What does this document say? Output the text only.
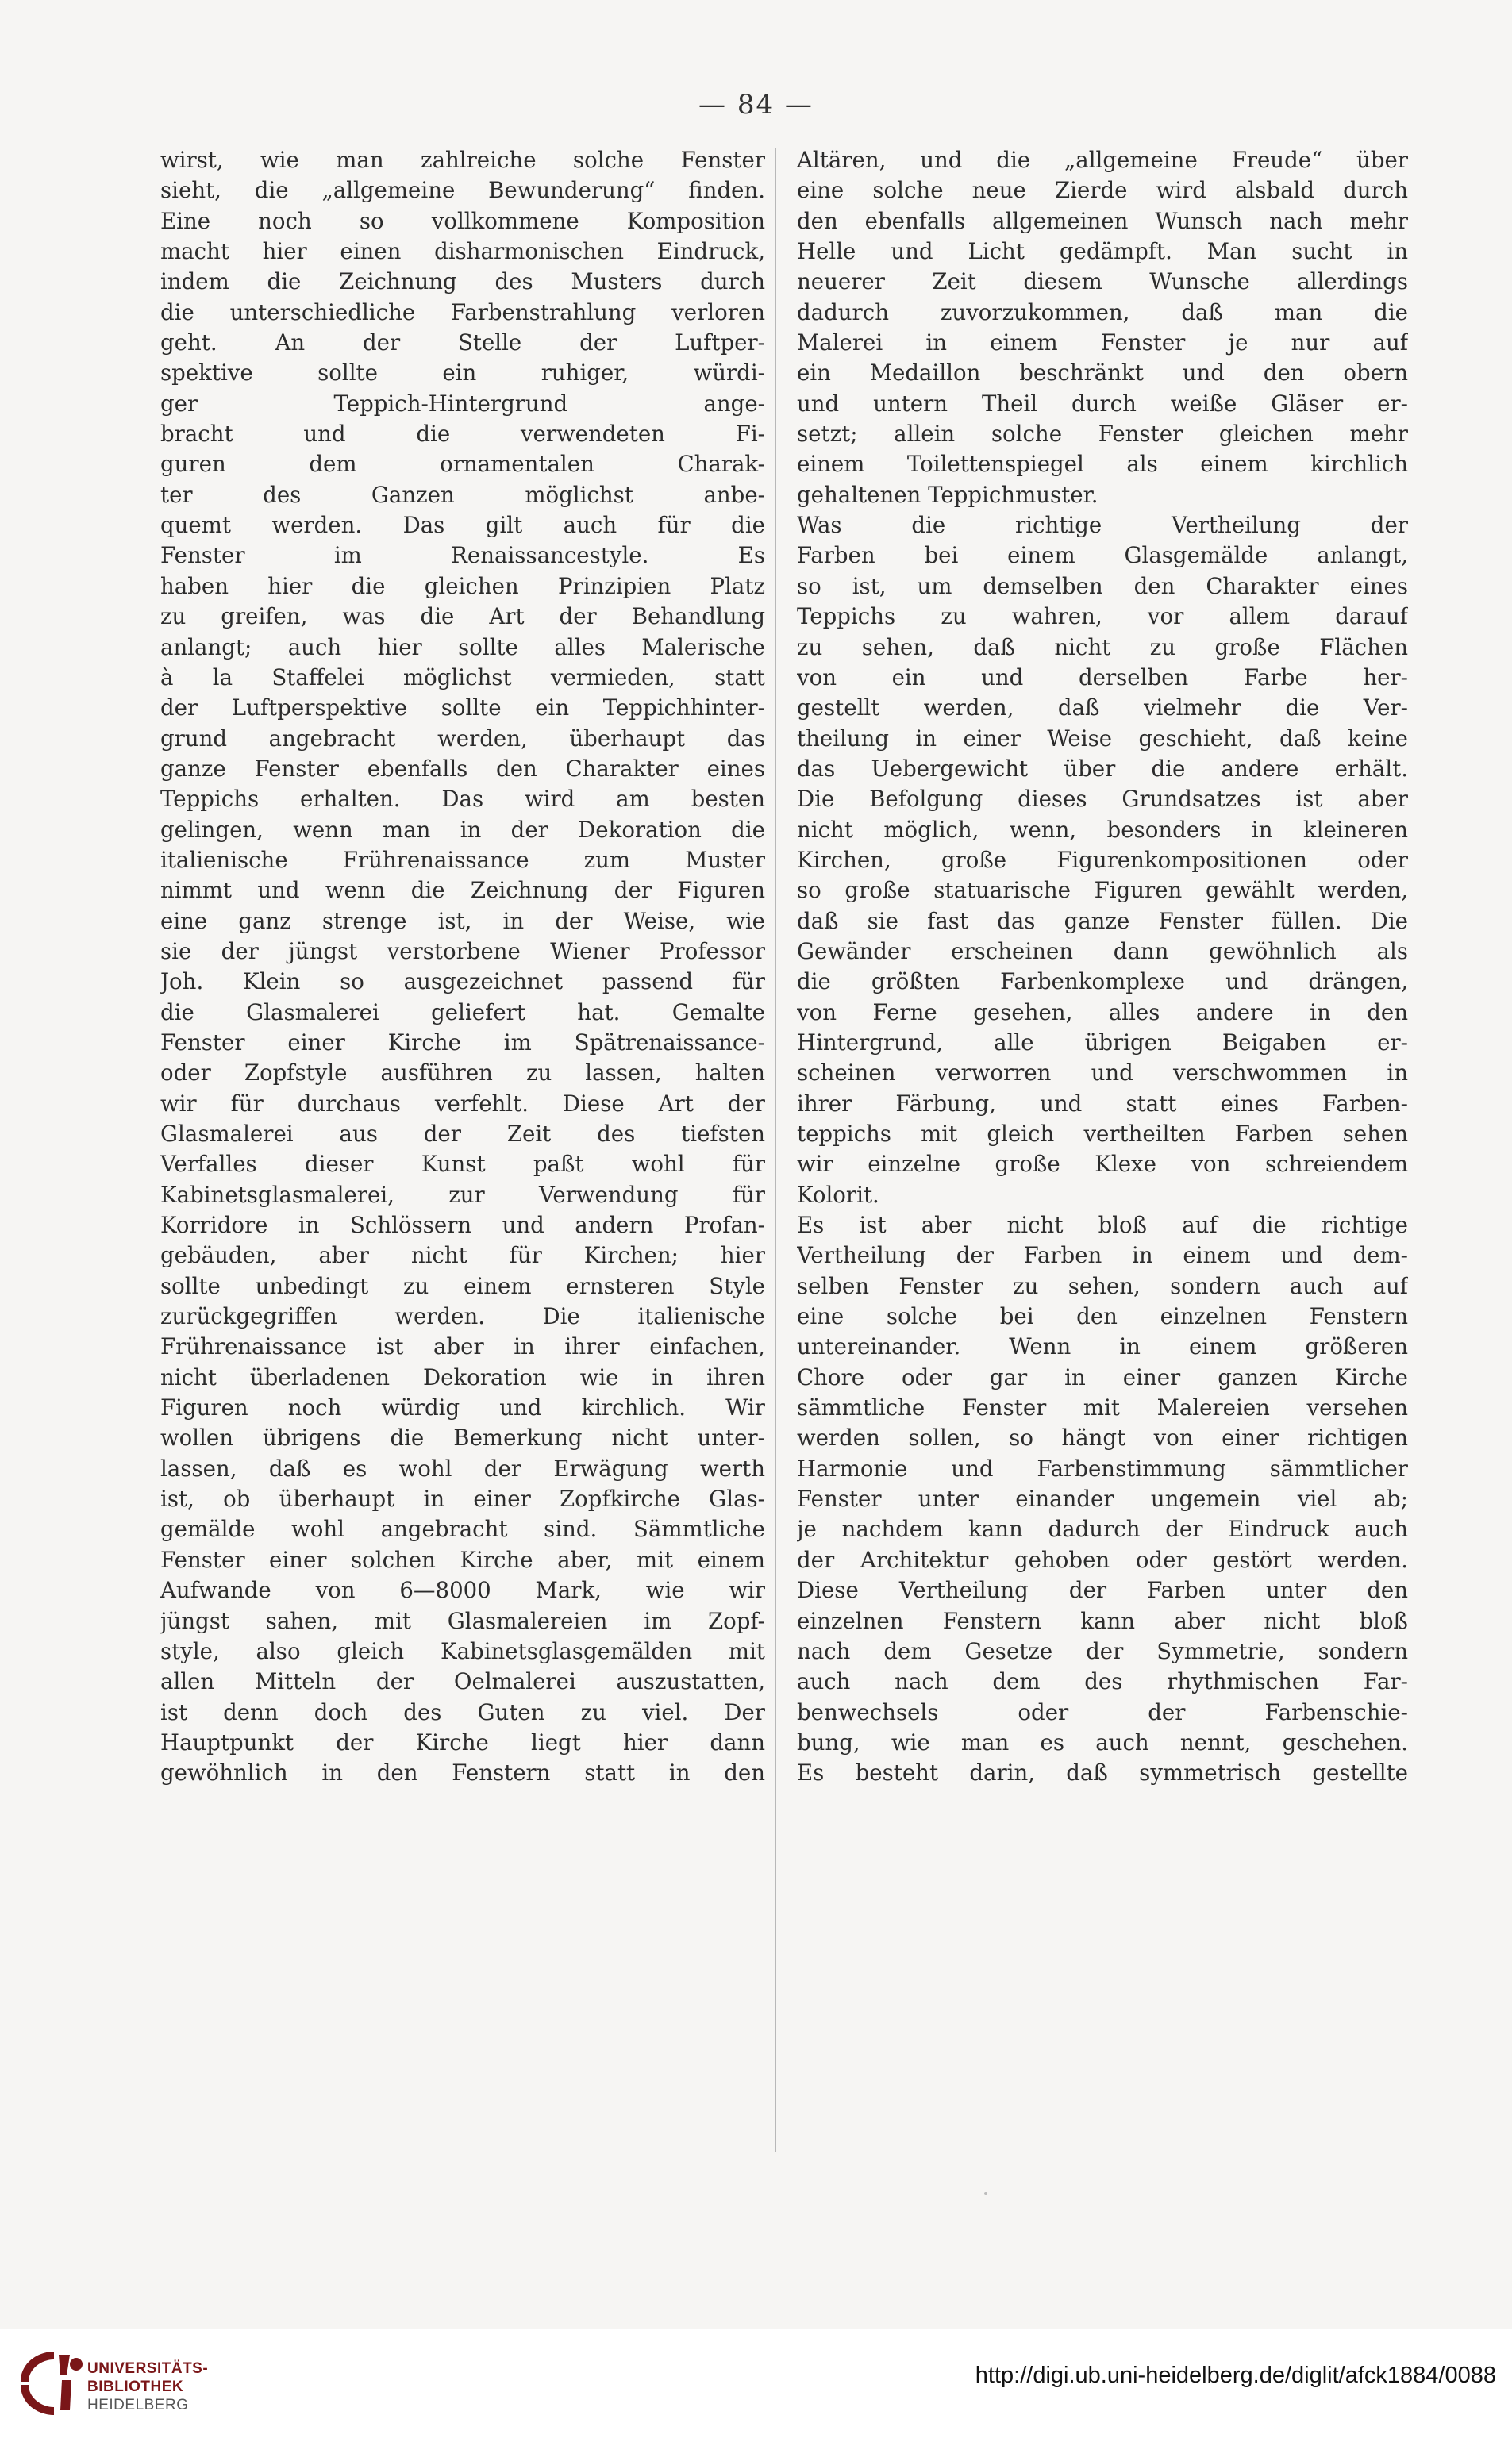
— 84 —
wirst, wie man zahlreiche solche Fenster
sieht, die „allgemeine Bewunderung“ finden.
Eine noch so vollkommene Komposition
macht hier einen disharmonischen Eindruck,
indem die Zeichnung des Musters durch
die unterschiedliche Farbenstrahlung verloren
geht. An der Stelle der Luftper-
spektive sollte ein ruhiger, würdi-
ger Teppich-Hintergrund ange-
bracht und die verwendeten Fi-
guren dem ornamentalen Charak-
ter des Ganzen möglichst anbe-
quemt werden. Das gilt auch für die
Fenster im Renaissancestyle. Es
haben hier die gleichen Prinzipien Platz
zu greifen, was die Art der Behandlung
anlangt; auch hier sollte alles Malerische
à la Staffelei möglichst vermieden, statt
der Luftperspektive sollte ein Teppichhinter-
grund angebracht werden, überhaupt das
ganze Fenster ebenfalls den Charakter eines
Teppichs erhalten. Das wird am besten
gelingen, wenn man in der Dekoration die
italienische Frührenaissance zum Muster
nimmt und wenn die Zeichnung der Figuren
eine ganz strenge ist, in der Weise, wie
sie der jüngst verstorbene Wiener Professor
Joh. Klein so ausgezeichnet passend für
die Glasmalerei geliefert hat. Gemalte
Fenster einer Kirche im Spätrenaissance-
oder Zopfstyle ausführen zu lassen, halten
wir für durchaus verfehlt. Diese Art der
Glasmalerei aus der Zeit des tiefsten
Verfalles dieser Kunst paßt wohl für
Kabinetsglasmalerei, zur Verwendung für
Korridore in Schlössern und andern Profan-
gebäuden, aber nicht für Kirchen; hier
sollte unbedingt zu einem ernsteren Style
zurückgegriffen werden. Die italienische
Frührenaissance ist aber in ihrer einfachen,
nicht überladenen Dekoration wie in ihren
Figuren noch würdig und kirchlich. Wir
wollen übrigens die Bemerkung nicht unter-
lassen, daß es wohl der Erwägung werth
ist, ob überhaupt in einer Zopfkirche Glas-
gemälde wohl angebracht sind. Sämmtliche
Fenster einer solchen Kirche aber, mit einem
Aufwande von 6—8000 Mark, wie wir
jüngst sahen, mit Glasmalereien im Zopf-
style, also gleich Kabinetsglasgemälden mit
allen Mitteln der Oelmalerei auszustatten,
ist denn doch des Guten zu viel. Der
Hauptpunkt der Kirche liegt hier dann
gewöhnlich in den Fenstern statt in den
Altären, und die „allgemeine Freude“ über
eine solche neue Zierde wird alsbald durch
den ebenfalls allgemeinen Wunsch nach mehr
Helle und Licht gedämpft. Man sucht in
neuerer Zeit diesem Wunsche allerdings
dadurch zuvorzukommen, daß man die
Malerei in einem Fenster je nur auf
ein Medaillon beschränkt und den obern
und untern Theil durch weiße Gläser er-
setzt; allein solche Fenster gleichen mehr
einem Toilettenspiegel als einem kirchlich
gehaltenen Teppichmuster.
Was die richtige Vertheilung der
Farben bei einem Glasgemälde anlangt,
so ist, um demselben den Charakter eines
Teppichs zu wahren, vor allem darauf
zu sehen, daß nicht zu große Flächen
von ein und derselben Farbe her-
gestellt werden, daß vielmehr die Ver-
theilung in einer Weise geschieht, daß keine
das Uebergewicht über die andere erhält.
Die Befolgung dieses Grundsatzes ist aber
nicht möglich, wenn, besonders in kleineren
Kirchen, große Figurenkompositionen oder
so große statuarische Figuren gewählt werden,
daß sie fast das ganze Fenster füllen. Die
Gewänder erscheinen dann gewöhnlich als
die größten Farbenkomplexe und drängen,
von Ferne gesehen, alles andere in den
Hintergrund, alle übrigen Beigaben er-
scheinen verworren und verschwommen in
ihrer Färbung, und statt eines Farben-
teppichs mit gleich vertheilten Farben sehen
wir einzelne große Klexe von schreiendem
Kolorit.
Es ist aber nicht bloß auf die richtige
Vertheilung der Farben in einem und dem-
selben Fenster zu sehen, sondern auch auf
eine solche bei den einzelnen Fenstern
untereinander. Wenn in einem größeren
Chore oder gar in einer ganzen Kirche
sämmtliche Fenster mit Malereien versehen
werden sollen, so hängt von einer richtigen
Harmonie und Farbenstimmung sämmtlicher
Fenster unter einander ungemein viel ab;
je nachdem kann dadurch der Eindruck auch
der Architektur gehoben oder gestört werden.
Diese Vertheilung der Farben unter den
einzelnen Fenstern kann aber nicht bloß
nach dem Gesetze der Symmetrie, sondern
auch nach dem des rhythmischen Far-
benwechsels oder der Farbenschie-
bung, wie man es auch nennt, geschehen.
Es besteht darin, daß symmetrisch gestellte
UNIVERSITÄTS-
BIBLIOTHEK
HEIDELBERG
http://digi.ub.uni-heidelberg.de/diglit/afck1884/0088
